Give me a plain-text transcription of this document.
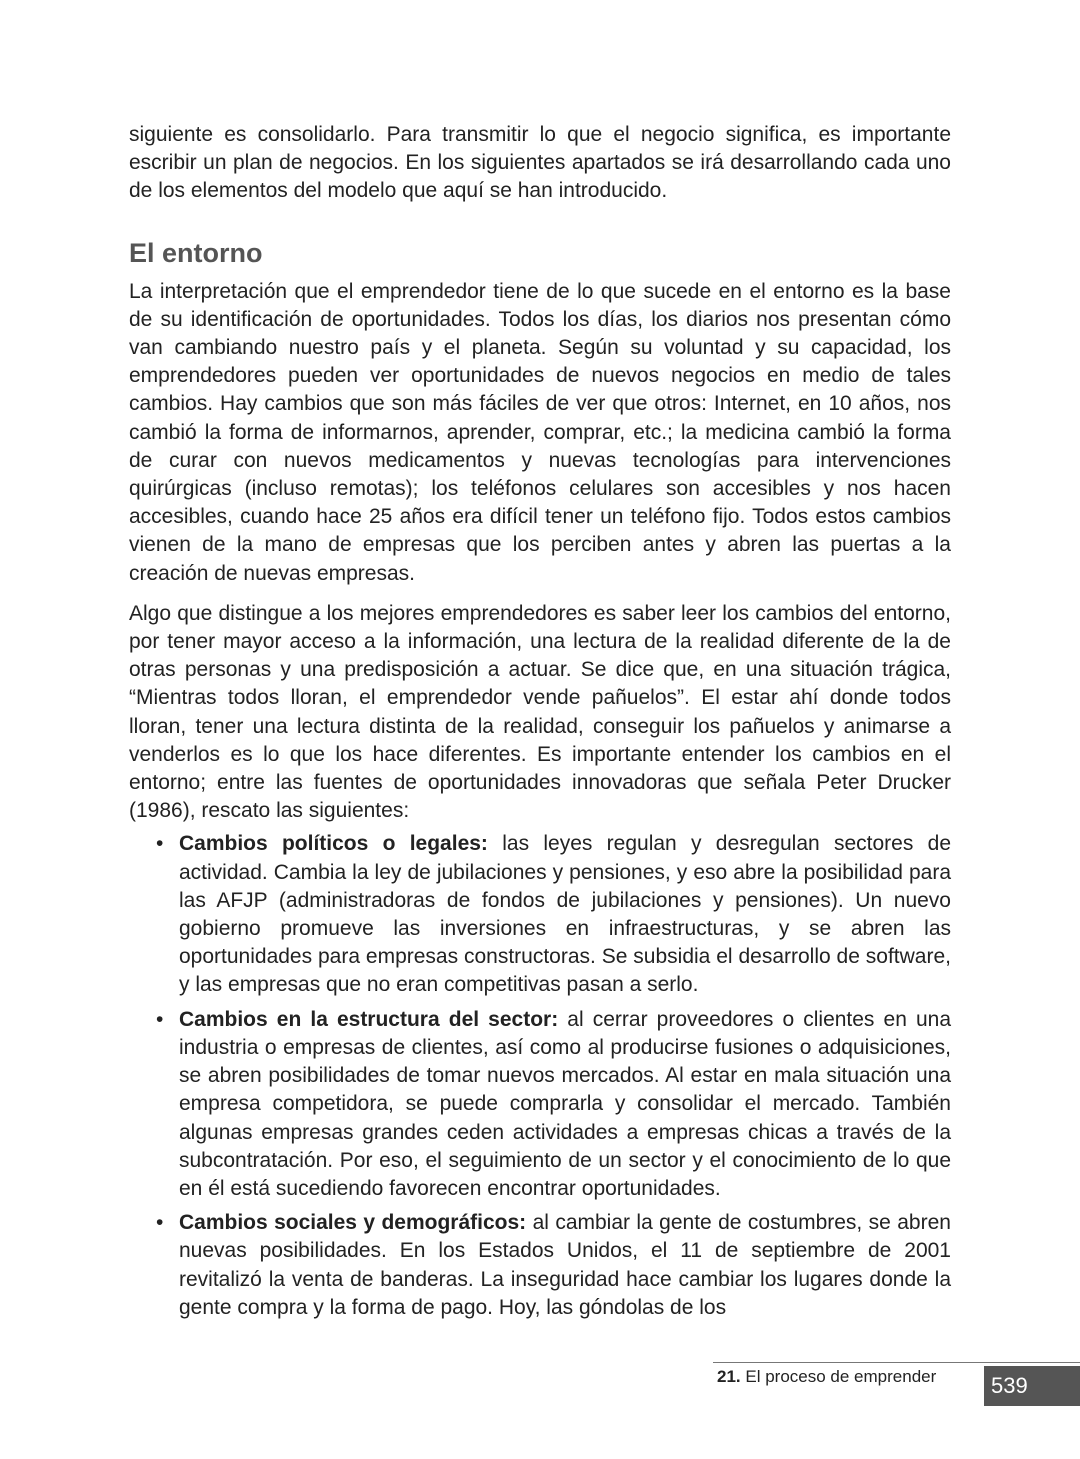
siguiente es consolidarlo. Para transmitir lo que el negocio significa, es importante escribir un plan de negocios. En los siguientes apartados se irá desarrollando cada uno de los elementos del modelo que aquí se han introducido.

El entorno

La interpretación que el emprendedor tiene de lo que sucede en el entorno es la base de su identificación de oportunidades. Todos los días, los diarios nos presentan cómo van cambiando nuestro país y el planeta. Según su voluntad y su capacidad, los emprendedores pueden ver oportunidades de nuevos negocios en medio de tales cambios. Hay cambios que son más fáciles de ver que otros: Internet, en 10 años, nos cambió la forma de informarnos, aprender, comprar, etc.; la medicina cambió la forma de curar con nuevos medicamentos y nuevas tecnologías para intervenciones quirúrgicas (incluso remotas); los teléfonos celulares son accesibles y nos hacen accesibles, cuando hace 25 años era difícil tener un teléfono fijo. Todos estos cambios vienen de la mano de empresas que los perciben antes y abren las puertas a la creación de nuevas empresas.

Algo que distingue a los mejores emprendedores es saber leer los cambios del entorno, por tener mayor acceso a la información, una lectura de la realidad diferente de la de otras personas y una predisposición a actuar. Se dice que, en una situación trágica, “Mientras todos lloran, el emprendedor vende pañuelos”. El estar ahí donde todos lloran, tener una lectura distinta de la realidad, conseguir los pañuelos y animarse a venderlos es lo que los hace diferentes. Es importante entender los cambios en el entorno; entre las fuentes de oportunidades innovadoras que señala Peter Drucker (1986), rescato las siguientes:

• Cambios políticos o legales: las leyes regulan y desregulan sectores de actividad. Cambia la ley de jubilaciones y pensiones, y eso abre la posibilidad para las AFJP (administradoras de fondos de jubilaciones y pensiones). Un nuevo gobierno promueve las inversiones en infraestructuras, y se abren las oportunidades para empresas constructoras. Se subsidia el desarrollo de software, y las empresas que no eran competitivas pasan a serlo.
• Cambios en la estructura del sector: al cerrar proveedores o clientes en una industria o empresas de clientes, así como al producirse fusiones o adquisiciones, se abren posibilidades de tomar nuevos mercados. Al estar en mala situación una empresa competidora, se puede comprarla y consolidar el mercado. También algunas empresas grandes ceden actividades a empresas chicas a través de la subcontratación. Por eso, el seguimiento de un sector y el conocimiento de lo que en él está sucediendo favorecen encontrar oportunidades.
• Cambios sociales y demográficos: al cambiar la gente de costumbres, se abren nuevas posibilidades. En los Estados Unidos, el 11 de septiembre de 2001 revitalizó la venta de banderas. La inseguridad hace cambiar los lugares donde la gente compra y la forma de pago. Hoy, las góndolas de los
21. El proceso de emprender	539
